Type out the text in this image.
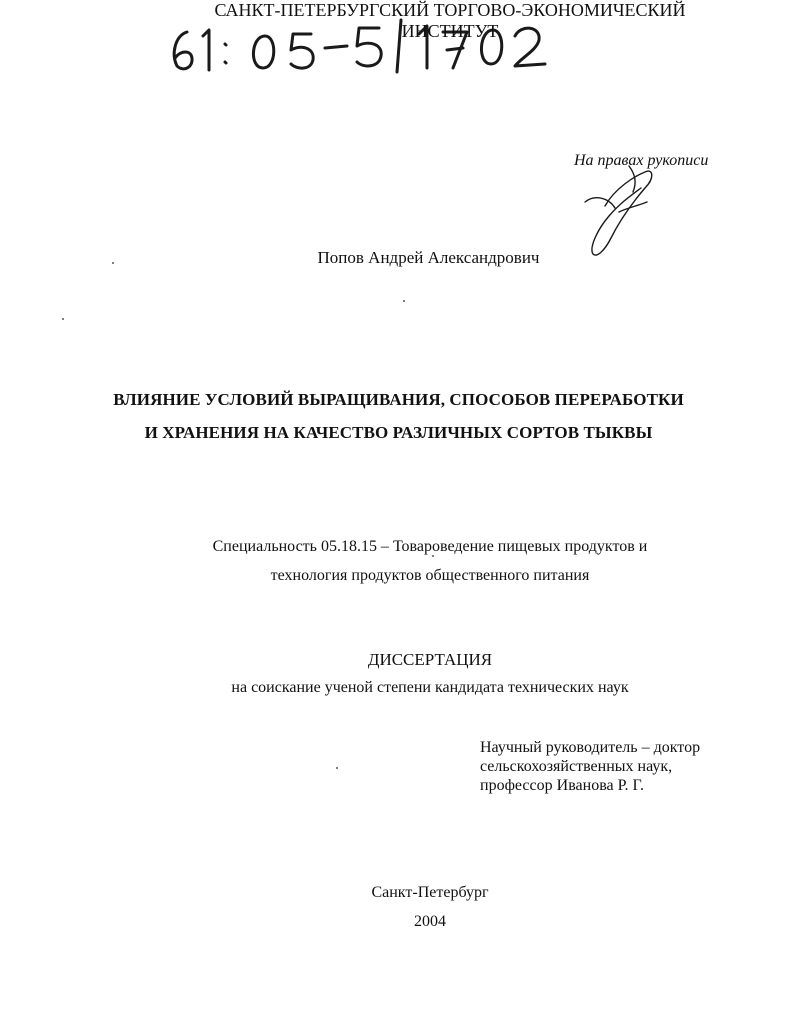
САНКТ-ПЕТЕРБУРГСКИЙ ТОРГОВО-ЭКОНОМИЧЕСКИЙ
ИНСТИТУТ
На правах рукописи
Попов Андрей Александрович
ВЛИЯНИЕ УСЛОВИЙ ВЫРАЩИВАНИЯ, СПОСОБОВ ПЕРЕРАБОТКИ
И ХРАНЕНИЯ НА КАЧЕСТВО РАЗЛИЧНЫХ СОРТОВ ТЫКВЫ
Специальность 05.18.15 – Товароведение пищевых продуктов и
технология продуктов общественного питания
ДИССЕРТАЦИЯ
на соискание ученой степени кандидата технических наук
Научный руководитель – доктор
сельскохозяйственных наук,
профессор Иванова Р. Г.
Санкт-Петербург
2004
